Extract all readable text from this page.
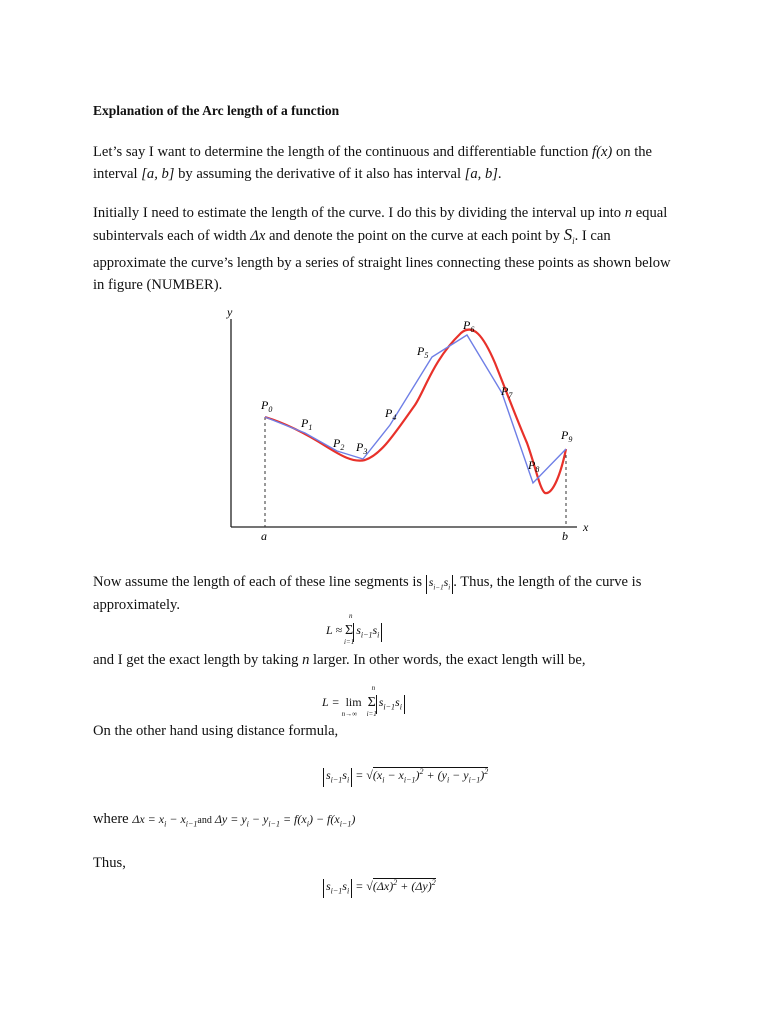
Explanation of the Arc length of a function

Let’s say I want to determine the length of the continuous and differentiable function f(x) on the interval [a, b] by assuming the derivative of it also has interval [a, b].

Initially I need to estimate the length of the curve. I do this by dividing the interval up into n equal subintervals each of width Δx and denote the point on the curve at each point by $S_i$. I can approximate the curve’s length by a series of straight lines connecting these points as shown below in figure (NUMBER).

y
x
a	b
$P_0$
$P_1$
$P_2$ $P_3$
$P_4$
$P_5$
$P_6$
$P_7$
$P_8$
$P_9$

Now assume the length of each of these line segments is $s_{i-1}s_i$ . Thus, the length of the curve is approximately.

L ≈ Σ
n
i=1
$s_{i-1}s_i$

and I get the exact length by taking n larger. In other words, the exact length will be,

L = lim
n→∞
Σ
n
i=1
$s_{i-1}s_i$

On the other hand using distance formula,

$s_{i-1}s_i = √(x_i - x_{i-1})^2 + (y_i - y_{i-1})^2$
where $\Delta x = x_i - x_{i-1}and$ $\Delta y = y_i - y_{i-1} = f(x_i) - f(x_{i-1})$

Thus,

$s_{i-1}s_i = √(\Delta x)^2 + (\Delta y)^2$
